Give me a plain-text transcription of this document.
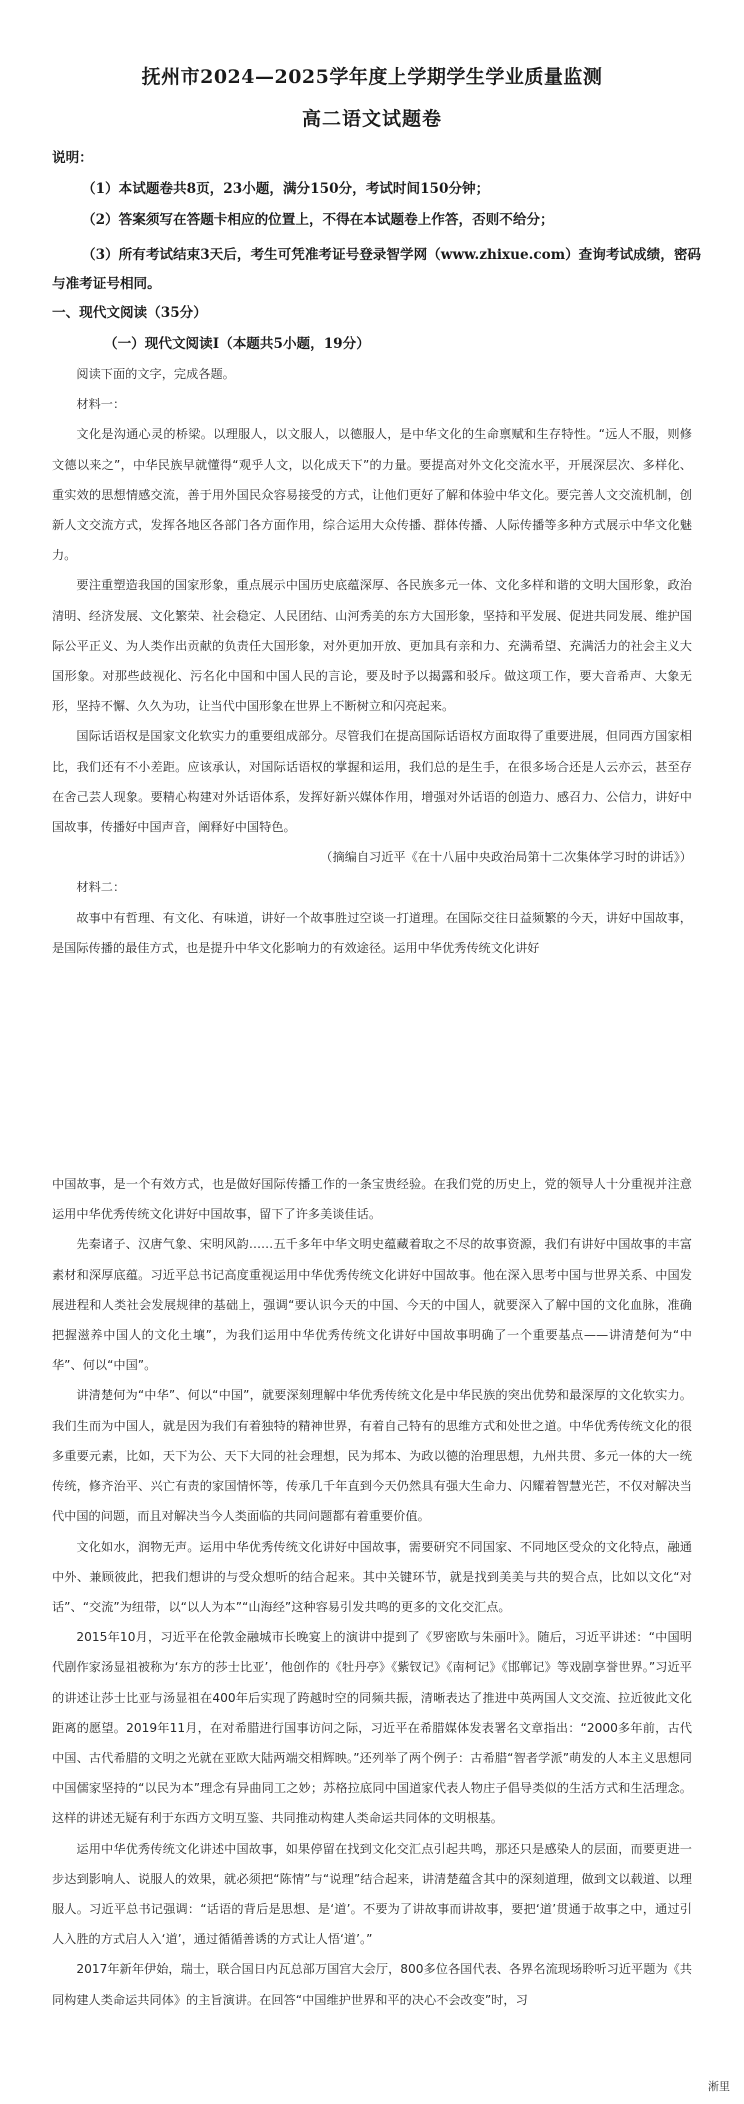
抚州市2024—2025学年度上学期学生学业质量监测
高二语文试题卷
说明：
（1）本试题卷共8页，23小题，满分150分，考试时间150分钟；
（2）答案须写在答题卡相应的位置上，不得在本试题卷上作答，否则不给分；
（3）所有考试结束3天后，考生可凭准考证号登录智学网（www.zhixue.com）查询考试成绩，密码与准考证号相同。
一、现代文阅读（35分）
（一）现代文阅读Ⅰ（本题共5小题，19分）

阅读下面的文字，完成各题。

材料一：

文化是沟通心灵的桥梁。以理服人，以文服人，以德服人，是中华文化的生命禀赋和生存特性。“远人不服，则修文德以来之”，中华民族早就懂得“观乎人文，以化成天下”的力量。要提高对外文化交流水平，开展深层次、多样化、重实效的思想情感交流，善于用外国民众容易接受的方式，让他们更好了解和体验中华文化。要完善人文交流机制，创新人文交流方式，发挥各地区各部门各方面作用，综合运用大众传播、群体传播、人际传播等多种方式展示中华文化魅力。

要注重塑造我国的国家形象，重点展示中国历史底蕴深厚、各民族多元一体、文化多样和谐的文明大国形象，政治清明、经济发展、文化繁荣、社会稳定、人民团结、山河秀美的东方大国形象，坚持和平发展、促进共同发展、维护国际公平正义、为人类作出贡献的负责任大国形象，对外更加开放、更加具有亲和力、充满希望、充满活力的社会主义大国形象。对那些歧视化、污名化中国和中国人民的言论，要及时予以揭露和驳斥。做这项工作，要大音希声、大象无形，坚持不懈、久久为功，让当代中国形象在世界上不断树立和闪亮起来。

国际话语权是国家文化软实力的重要组成部分。尽管我们在提高国际话语权方面取得了重要进展，但同西方国家相比，我们还有不小差距。应该承认，对国际话语权的掌握和运用，我们总的是生手，在很多场合还是人云亦云，甚至存在舍己芸人现象。要精心构建对外话语体系，发挥好新兴媒体作用，增强对外话语的创造力、感召力、公信力，讲好中国故事，传播好中国声音，阐释好中国特色。

（摘编自习近平《在十八届中央政治局第十二次集体学习时的讲话》）

材料二：

故事中有哲理、有文化、有味道，讲好一个故事胜过空谈一打道理。在国际交往日益频繁的今天，讲好中国故事，是国际传播的最佳方式，也是提升中华文化影响力的有效途径。运用中华优秀传统文化讲好

中国故事，是一个有效方式，也是做好国际传播工作的一条宝贵经验。在我们党的历史上，党的领导人十分重视并注意运用中华优秀传统文化讲好中国故事，留下了许多美谈佳话。

先秦诸子、汉唐气象、宋明风韵……五千多年中华文明史蕴藏着取之不尽的故事资源，我们有讲好中国故事的丰富素材和深厚底蕴。习近平总书记高度重视运用中华优秀传统文化讲好中国故事。他在深入思考中国与世界关系、中国发展进程和人类社会发展规律的基础上，强调“要认识今天的中国、今天的中国人，就要深入了解中国的文化血脉，准确把握滋养中国人的文化土壤”，为我们运用中华优秀传统文化讲好中国故事明确了一个重要基点——讲清楚何为“中华”、何以“中国”。

讲清楚何为“中华”、何以“中国”，就要深刻理解中华优秀传统文化是中华民族的突出优势和最深厚的文化软实力。我们生而为中国人，就是因为我们有着独特的精神世界，有着自己特有的思维方式和处世之道。中华优秀传统文化的很多重要元素，比如，天下为公、天下大同的社会理想，民为邦本、为政以德的治理思想，九州共贯、多元一体的大一统传统，修齐治平、兴亡有责的家国情怀等，传承几千年直到今天仍然具有强大生命力、闪耀着智慧光芒，不仅对解决当代中国的问题，而且对解决当今人类面临的共同问题都有着重要价值。

文化如水，润物无声。运用中华优秀传统文化讲好中国故事，需要研究不同国家、不同地区受众的文化特点，融通中外、兼顾彼此，把我们想讲的与受众想听的结合起来。其中关键环节，就是找到美美与共的契合点，比如以文化“对话”、“交流”为纽带，以“以人为本”“山海经”这种容易引发共鸣的更多的文化交汇点。

2015年10月，习近平在伦敦金融城市长晚宴上的演讲中提到了《罗密欧与朱丽叶》。随后，习近平讲述：“中国明代剧作家汤显祖被称为‘东方的莎士比亚’，他创作的《牡丹亭》《紫钗记》《南柯记》《邯郸记》等戏剧享誉世界。”习近平的讲述让莎士比亚与汤显祖在400年后实现了跨越时空的同频共振，清晰表达了推进中英两国人文交流、拉近彼此文化距离的愿望。2019年11月，在对希腊进行国事访问之际，习近平在希腊媒体发表署名文章指出：“2000多年前，古代中国、古代希腊的文明之光就在亚欧大陆两端交相辉映。”还列举了两个例子：古希腊“智者学派”萌发的人本主义思想同中国儒家坚持的“以民为本”理念有异曲同工之妙；苏格拉底同中国道家代表人物庄子倡导类似的生活方式和生活理念。这样的讲述无疑有利于东西方文明互鉴、共同推动构建人类命运共同体的文明根基。

运用中华优秀传统文化讲述中国故事，如果停留在找到文化交汇点引起共鸣，那还只是感染人的层面，而要更进一步达到影响人、说服人的效果，就必须把“陈情”与“说理”结合起来，讲清楚蕴含其中的深刻道理，做到文以载道、以理服人。习近平总书记强调：“话语的背后是思想、是‘道’。不要为了讲故事而讲故事，要把‘道’贯通于故事之中，通过引人入胜的方式启人入‘道’，通过循循善诱的方式让人悟‘道’。”

2017年新年伊始，瑞士，联合国日内瓦总部万国宫大会厅，800多位各国代表、各界名流现场聆听习近平题为《共同构建人类命运共同体》的主旨演讲。在回答“中国维护世界和平的决心不会改变”时，习

淅里
